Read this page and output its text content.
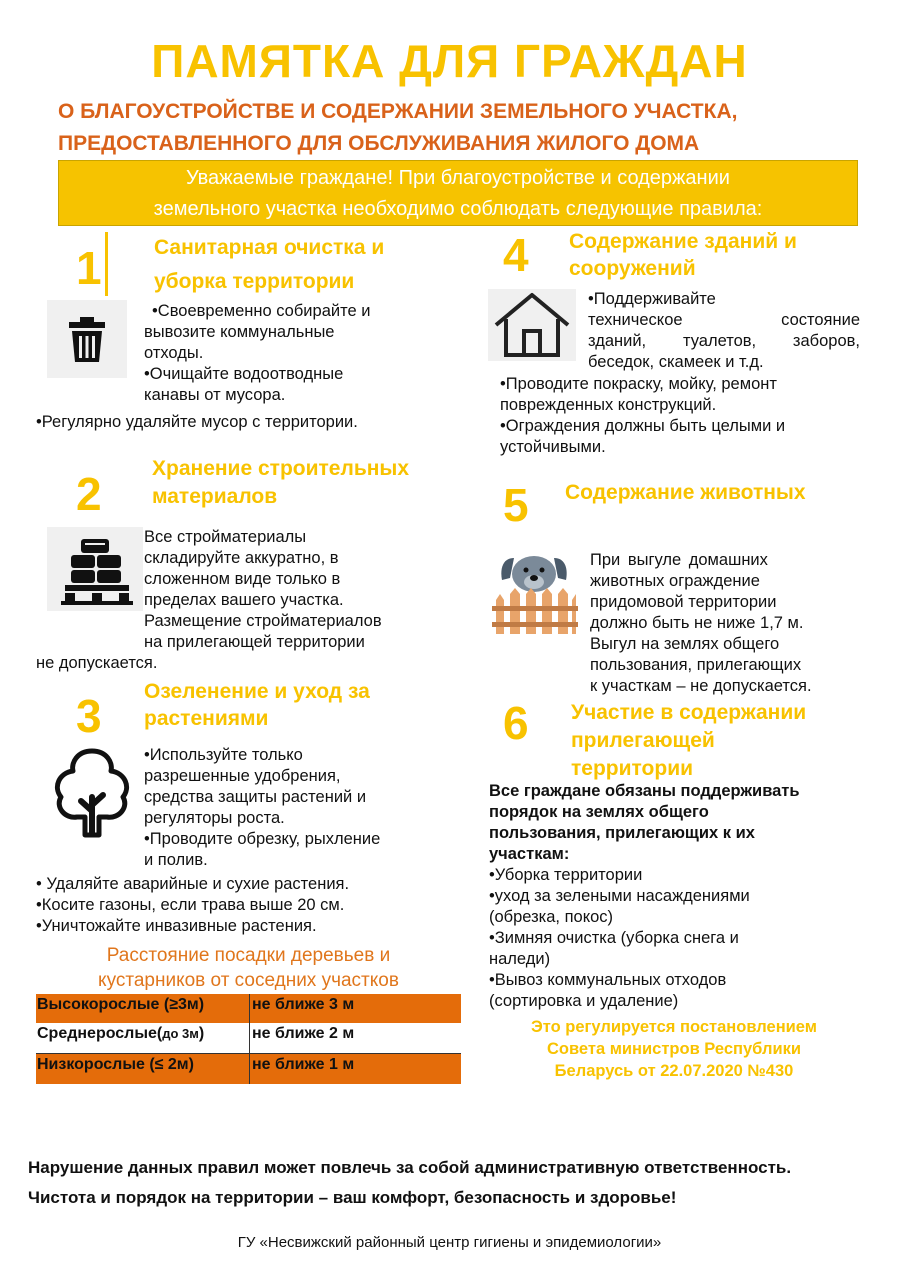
ПАМЯТКА ДЛЯ ГРАЖДАН
О БЛАГОУСТРОЙСТВЕ И СОДЕРЖАНИИ ЗЕМЕЛЬНОГО УЧАСТКА,
ПРЕДОСТАВЛЕННОГО ДЛЯ ОБСЛУЖИВАНИЯ ЖИЛОГО ДОМА
Уважаемые граждане! При благоустройстве и содержании
земельного участка необходимо соблюдать следующие правила:
1 Санитарная очистка и
уборка территории
•Своевременно собирайте и
вывозите коммунальные
отходы.
•Очищайте водоотводные
канавы от мусора.
•Регулярно удаляйте мусор с территории.
2 Хранение строительных
материалов
Все стройматериалы
складируйте аккуратно, в
сложенном виде только в
пределах вашего участка.
Размещение стройматериалов
на прилегающей территории
не допускается.
3 Озеленение и уход за
растениями
•Используйте только
разрешенные удобрения,
средства защиты растений и
регуляторы роста.
•Проводите обрезку, рыхление
и полив.
• Удаляйте аварийные и сухие растения.
•Косите газоны, если трава выше 20 см.
•Уничтожайте инвазивные растения.
Расстояние посадки деревьев и
кустарников от соседних участков
Высокорослые (≥3м)	не ближе 3 м
Среднерослые(до 3м)	не ближе 2 м
Низкорослые (≤ 2м)	не ближе 1 м
4 Содержание зданий и
сооружений
•Поддерживайте
техническое состояние
зданий, туалетов, заборов,
беседок, скамеек и т.д.
•Проводите покраску, мойку, ремонт
поврежденных конструкций.
•Ограждения должны быть целыми и
устойчивыми.
5 Содержание животных
При выгуле домашних
животных ограждение
придомовой территории
должно быть не ниже 1,7 м.
Выгул на землях общего
пользования, прилегающих
к участкам – не допускается.
6 Участие в содержании
прилегающей
территории
Все граждане обязаны поддерживать
порядок на землях общего
пользования, прилегающих к их
участкам:
•Уборка территории
•уход за зелеными насаждениями
(обрезка, покос)
•Зимняя очистка (уборка снега и
наледи)
•Вывоз коммунальных отходов
(сортировка и удаление)
Это регулируется постановлением
Совета министров Республики
Беларусь от 22.07.2020 №430
Нарушение данных правил может повлечь за собой административную ответственность.
Чистота и порядок на территории – ваш комфорт, безопасность и здоровье!
ГУ «Несвижский районный центр гигиены и эпидемиологии»
